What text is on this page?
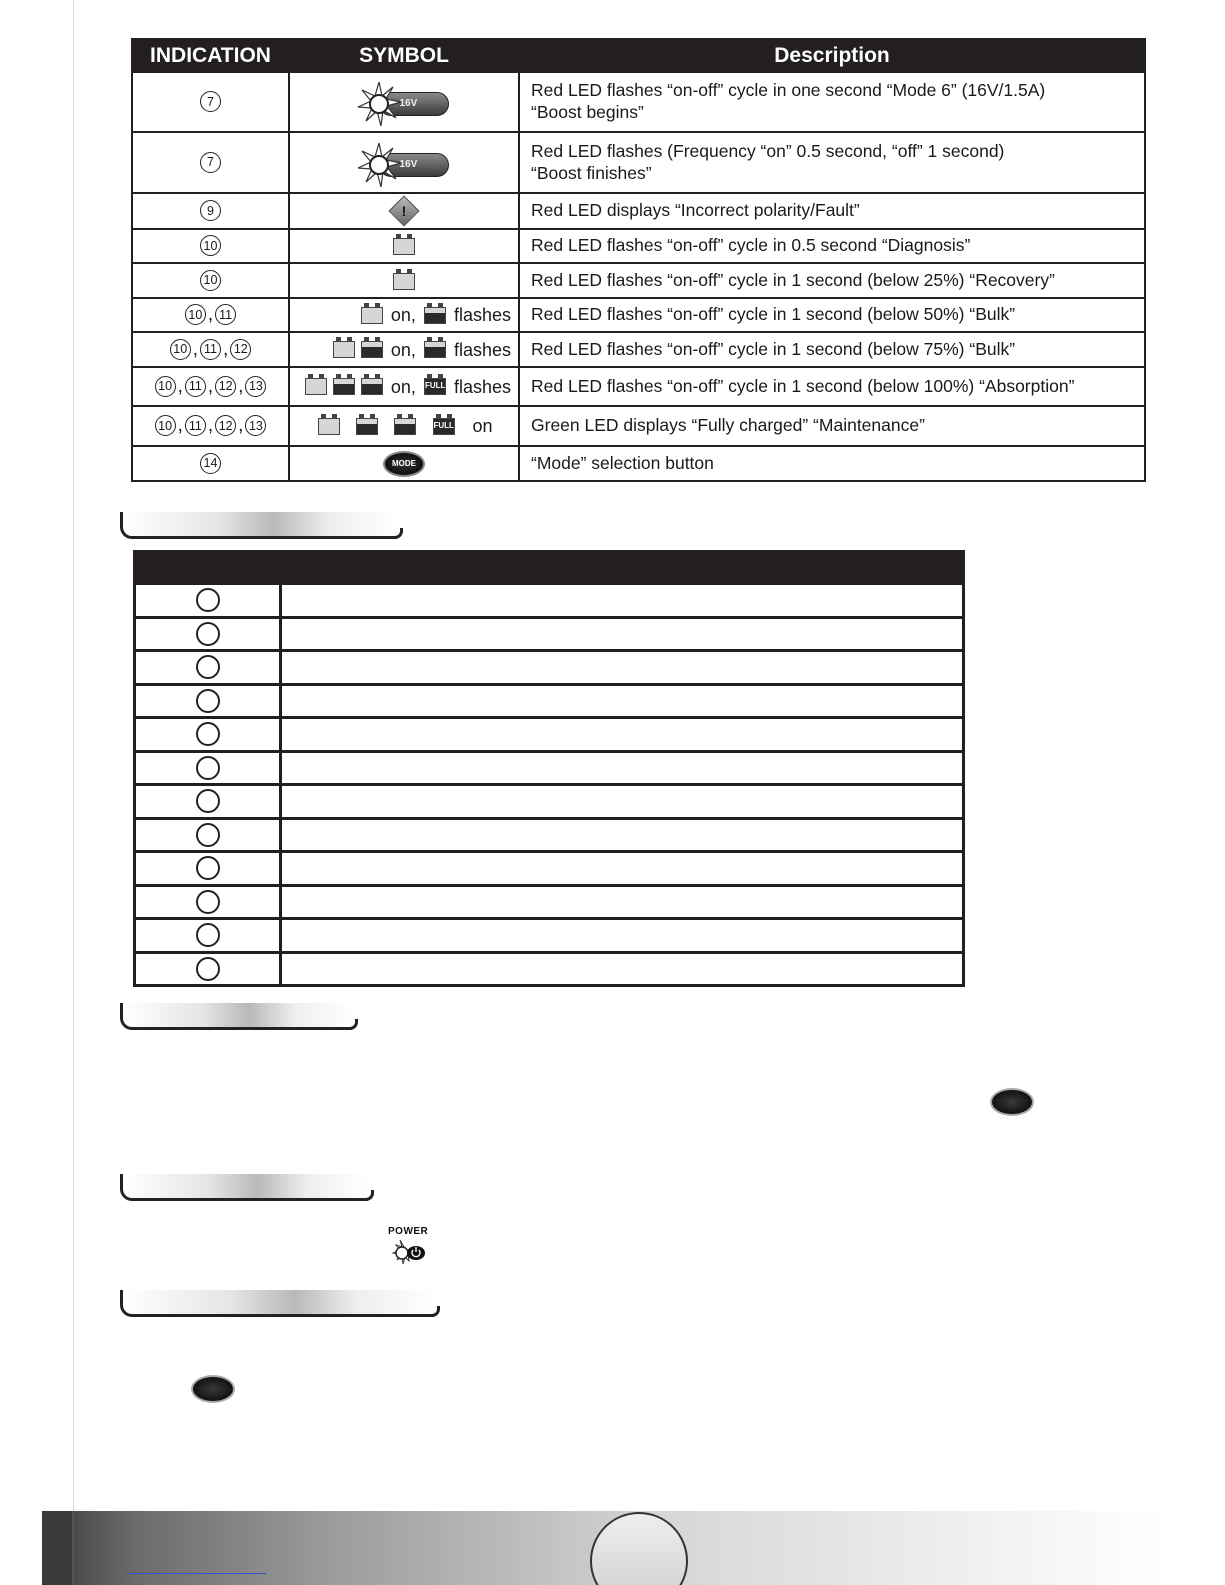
INDICATION	SYMBOL	Description
7	16V	Red LED flashes “on-off” cycle in one second “Mode 6” (16V/1.5A)
“Boost begins”

7	16V	Red LED flashes (Frequency “on” 0.5 second, “off” 1 second)
“Boost finishes”

9	!	Red LED displays “Incorrect polarity/Fault”
10		Red LED flashes “on-off” cycle in 0.5 second “Diagnosis”
10		Red LED flashes “on-off” cycle in 1 second (below 25%) “Recovery”
10 , 11	on, flashes	Red LED flashes “on-off” cycle in 1 second (below 50%) “Bulk”
10 , 11 , 12	on, flashes	Red LED flashes “on-off” cycle in 1 second (below 75%) “Bulk”
10 , 11 , 12 , 13	on, FULL flashes	Red LED flashes “on-off” cycle in 1 second (below 100%) “Absorption”
10 , 11 , 12 , 13	FULL on	Green LED displays “Fully charged” “Maintenance”
14	MODE	“Mode” selection button

POWER
